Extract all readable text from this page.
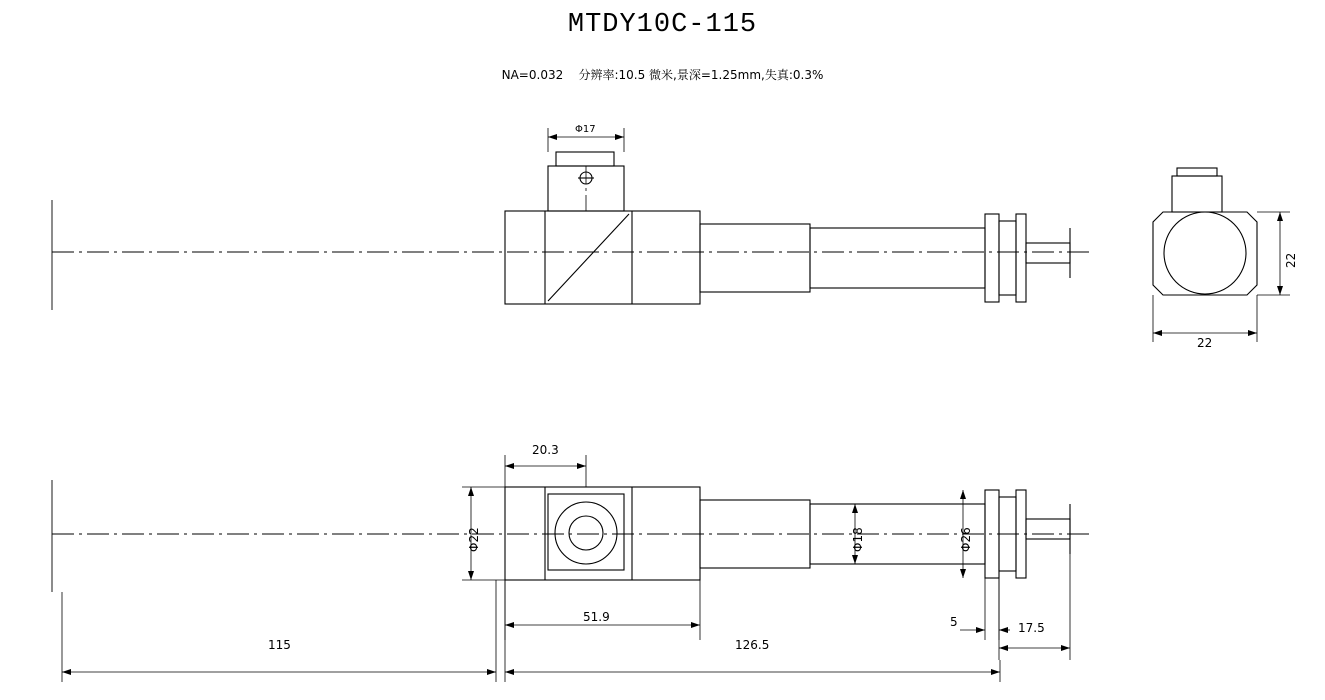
MTDY10C-115
NA=0.032    分辨率:10.5 微米,景深=1.25mm,失真:0.3%
Φ17
22
22
20.3
Φ22	Φ18	Φ26
51.9
115	126.5
5	17.5
